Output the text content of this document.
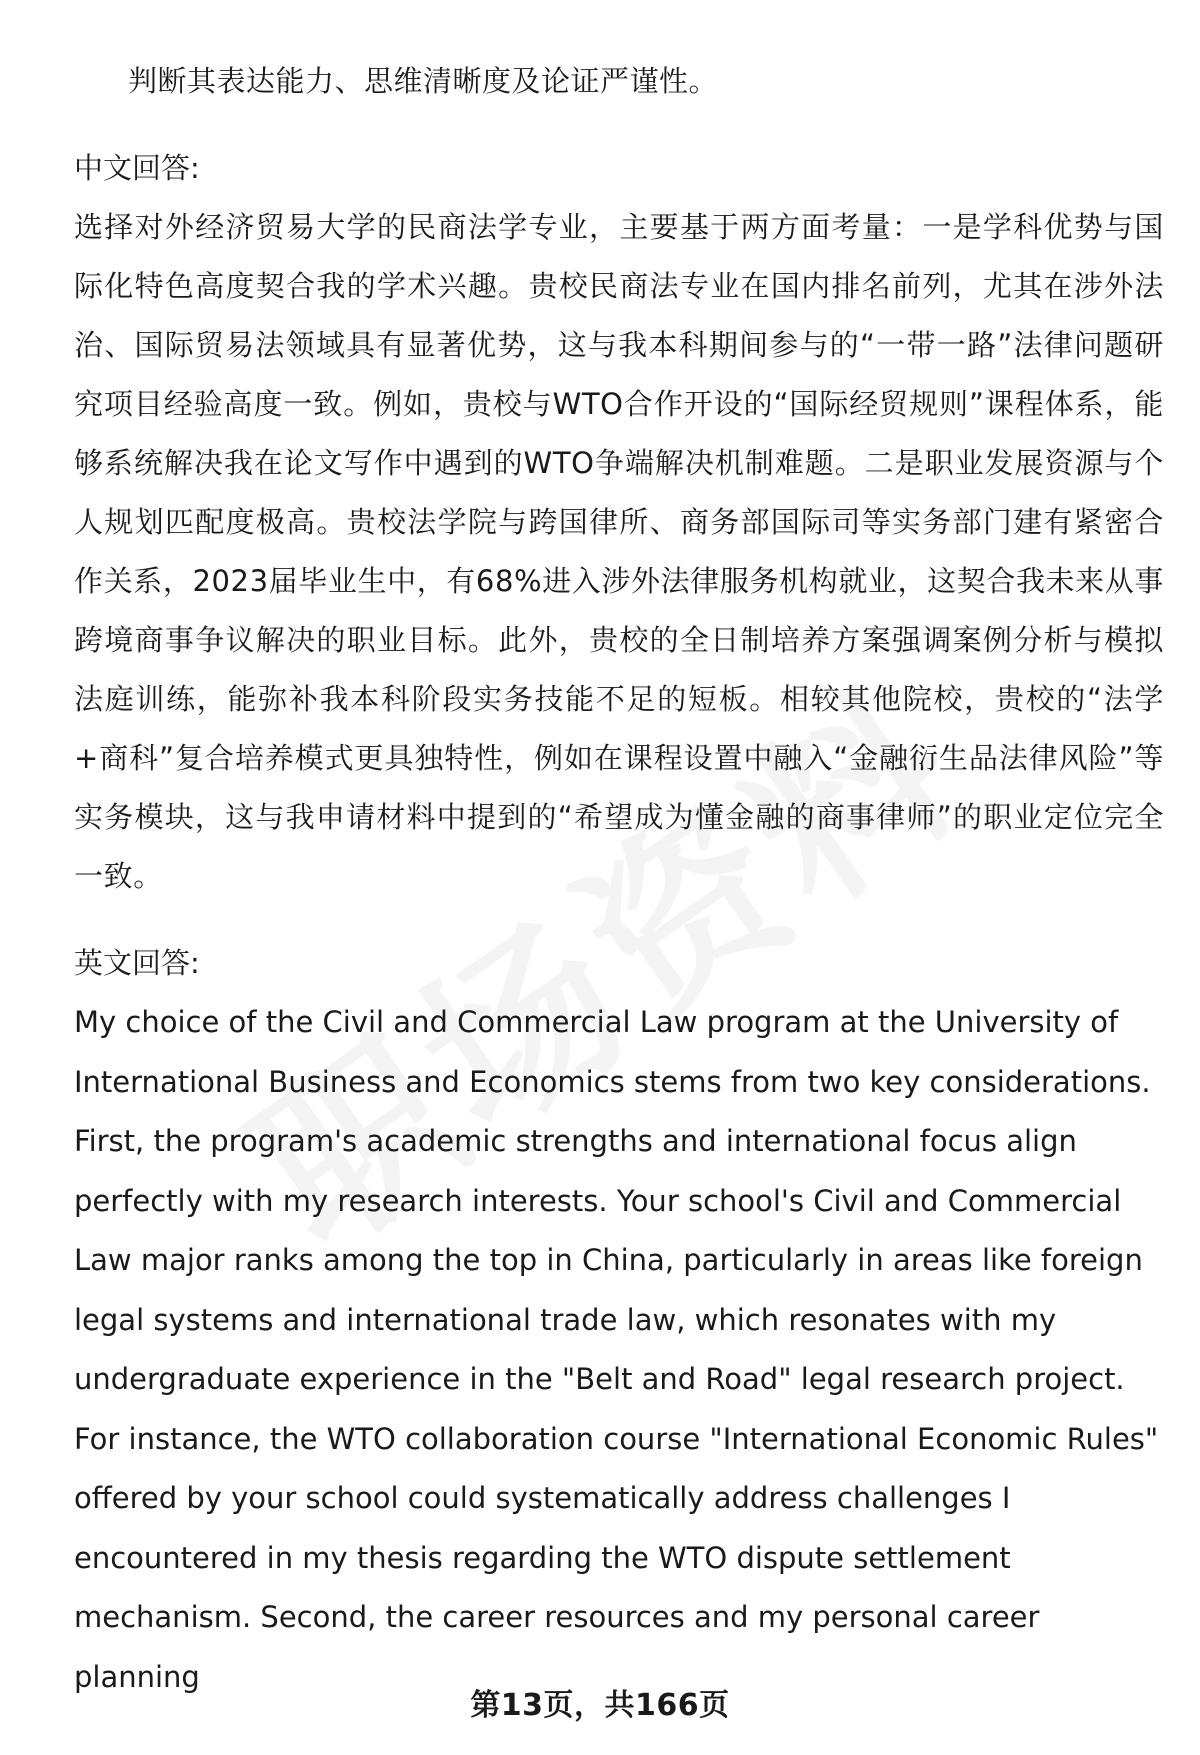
判断其表达能力、思维清晰度及论证严谨性。
中文回答:

选择对外经济贸易大学的民商法学专业，主要基于两方面考量：一是学科优势与国际化特色高度契合我的学术兴趣。贵校民商法专业在国内排名前列，尤其在涉外法治、国际贸易法领域具有显著优势，这与我本科期间参与的“一带一路”法律问题研究项目经验高度一致。例如，贵校与WTO合作开设的“国际经贸规则”课程体系，能够系统解决我在论文写作中遇到的WTO争端解决机制难题。二是职业发展资源与个人规划匹配度极高。贵校法学院与跨国律所、商务部国际司等实务部门建有紧密合作关系，2023届毕业生中，有68%进入涉外法律服务机构就业，这契合我未来从事跨境商事争议解决的职业目标。此外，贵校的全日制培养方案强调案例分析与模拟法庭训练，能弥补我本科阶段实务技能不足的短板。相较其他院校，贵校的“法学+商科”复合培养模式更具独特性，例如在课程设置中融入“金融衍生品法律风险”等实务模块，这与我申请材料中提到的“希望成为懂金融的商事律师”的职业定位完全一致。

英文回答:

My choice of the Civil and Commercial Law program at the University of International Business and Economics stems from two key considerations. First, the program's academic strengths and international focus align perfectly with my research interests. Your school's Civil and Commercial Law major ranks among the top in China, particularly in areas like foreign legal systems and international trade law, which resonates with my undergraduate experience in the "Belt and Road" legal research project. For instance, the WTO collaboration course "International Economic Rules" offered by your school could systematically address challenges I encountered in my thesis regarding the WTO dispute settlement mechanism. Second, the career resources and my personal career planning

第13页，共166页
